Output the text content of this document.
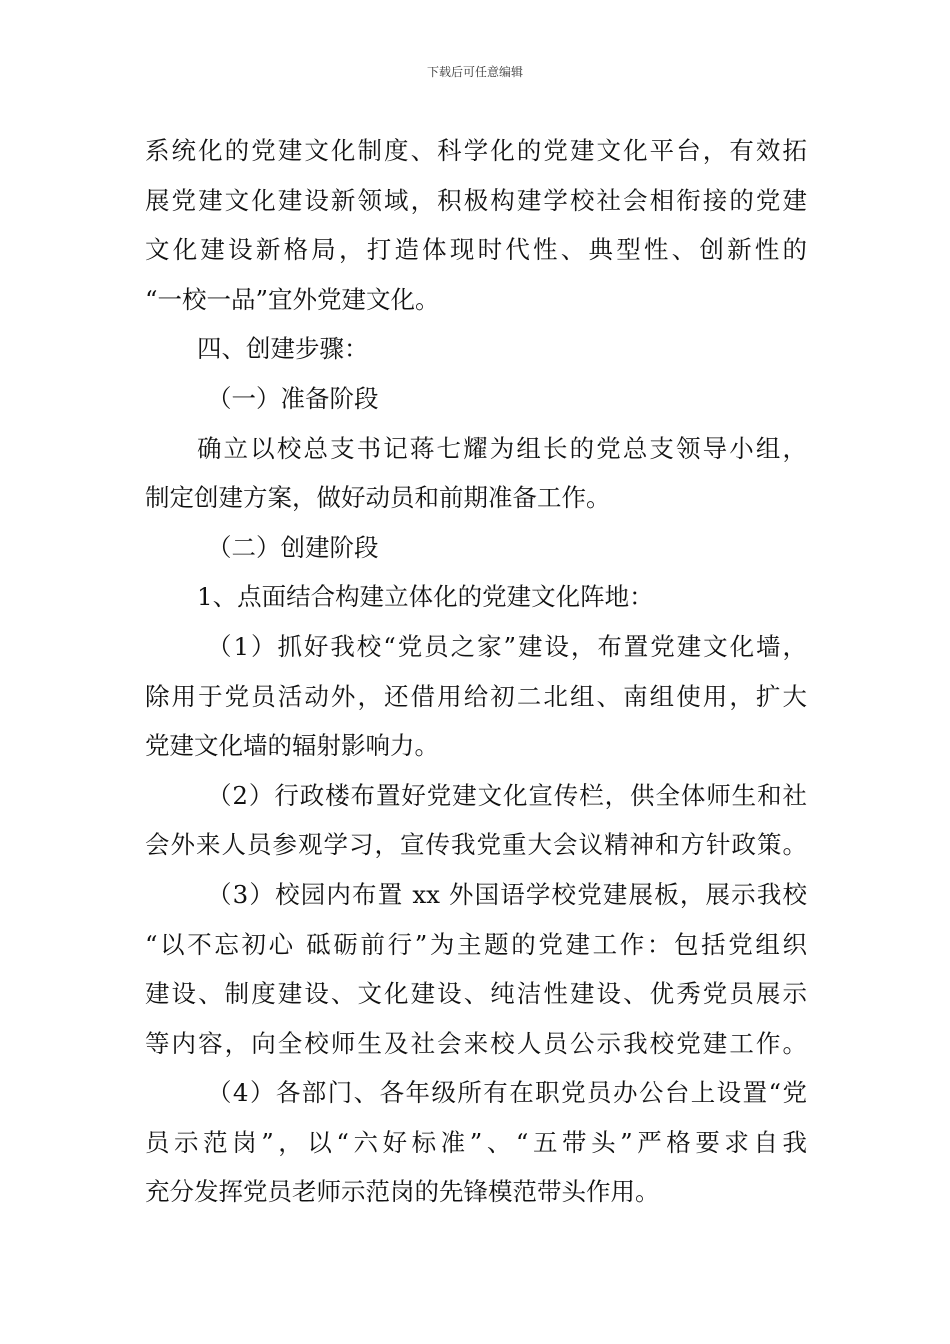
下载后可任意编辑
系统化的党建文化制度、科学化的党建文化平台，有效拓
展党建文化建设新领域，积极构建学校社会相衔接的党建
文化建设新格局，打造体现时代性、典型性、创新性的
“一校一品”宜外党建文化。
四、创建步骤：
（一）准备阶段
确立以校总支书记蒋七耀为组长的党总支领导小组，
制定创建方案，做好动员和前期准备工作。
（二）创建阶段
1、点面结合构建立体化的党建文化阵地：
（1）抓好我校“党员之家”建设，布置党建文化墙，
除用于党员活动外，还借用给初二北组、南组使用，扩大
党建文化墙的辐射影响力。
（2）行政楼布置好党建文化宣传栏，供全体师生和社
会外来人员参观学习，宣传我党重大会议精神和方针政策。
（3）校园内布置 xx 外国语学校党建展板，展示我校
“以不忘初心 砥砺前行”为主题的党建工作：包括党组织
建设、制度建设、文化建设、纯洁性建设、优秀党员展示
等内容，向全校师生及社会来校人员公示我校党建工作。
（4）各部门、各年级所有在职党员办公台上设置“党
员示范岗”，以“六好标准”、“五带头”严格要求自我
充分发挥党员老师示范岗的先锋模范带头作用。
